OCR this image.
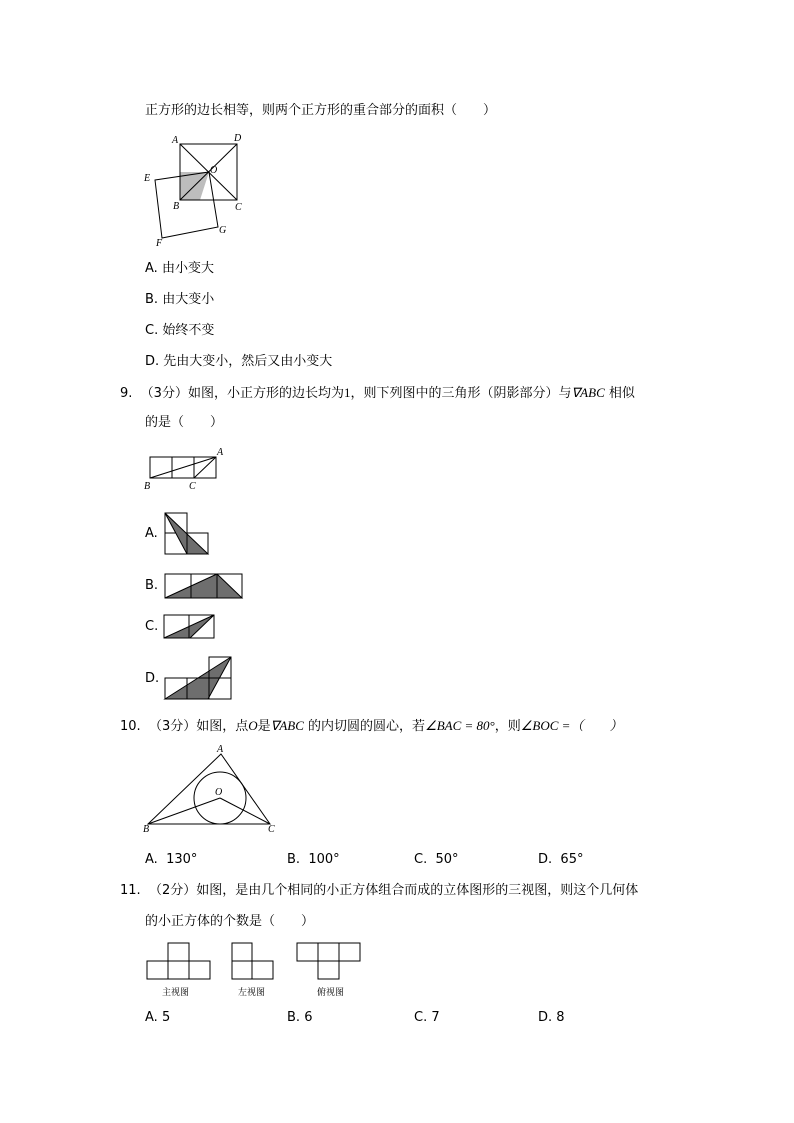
正方形的边长相等，则两个正方形的重合部分的面积（　　）
A	D
O
E
B	C
F
G
A. 由小变大
B. 由大变小
C. 始终不变
D. 先由大变小，然后又由小变大
9. （3分）如图，小正方形的边长均为1，则下列图中的三角形（阴影部分）与∇ABC 相似
的是（　　）
A
B	C
A.
B.
C.
D.
10. （3分）如图，点O是∇ABC 的内切圆的圆心，若∠BAC = 80°，则∠BOC =（　　）
A
O
B	C
A. 130°	B. 100°	C. 50°	D. 65°
11. （2分）如图，是由几个相同的小正方体组合而成的立体图形的三视图，则这个几何体
的小正方体的个数是（　　）
主视图	左视图	俯视图
A. 5	B. 6	C. 7	D. 8
